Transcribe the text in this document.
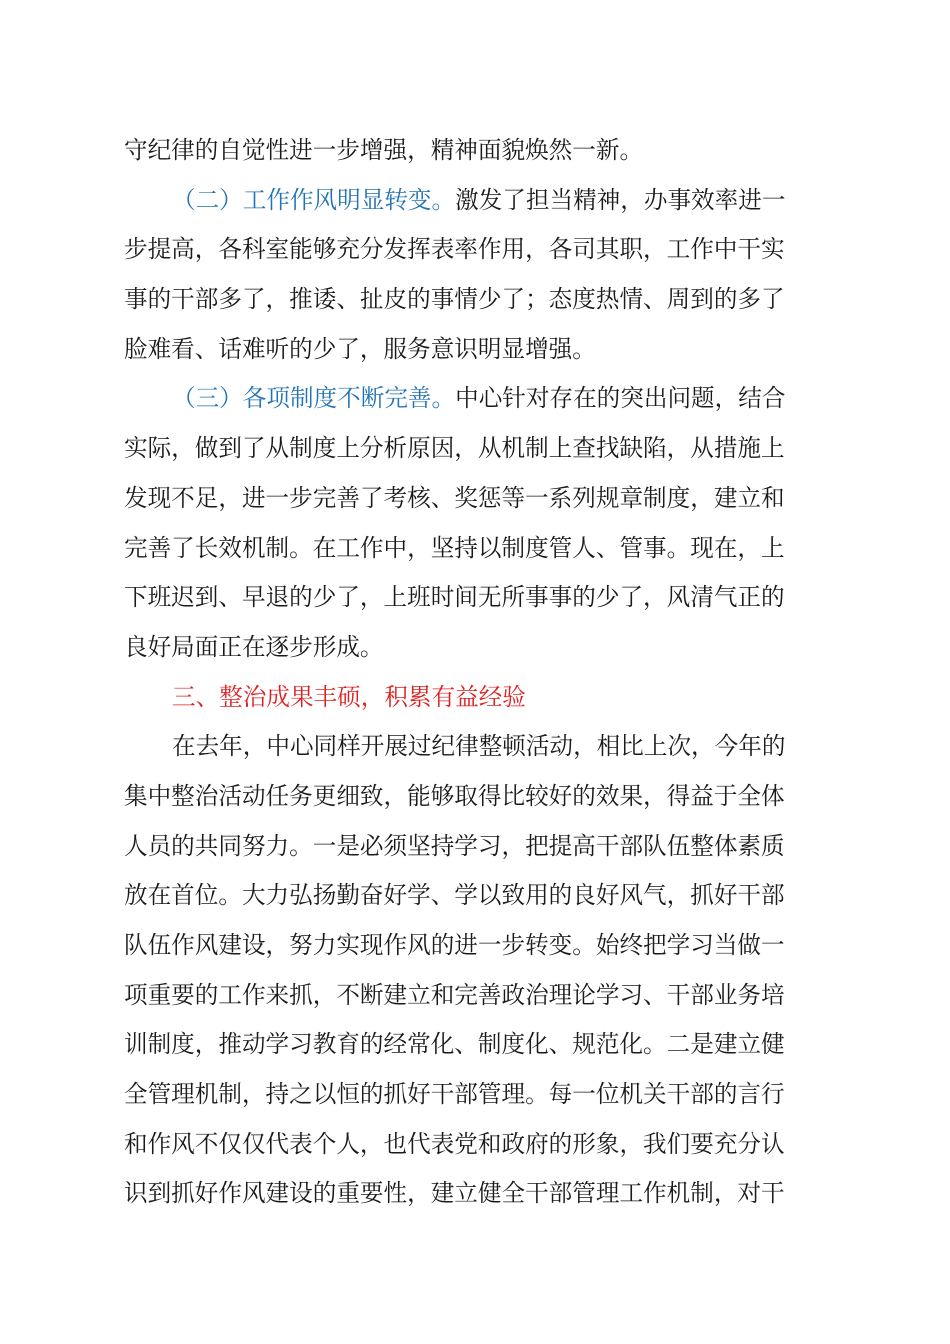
守纪律的自觉性进一步增强，精神面貌焕然一新。
（二）工作作风明显转变。激发了担当精神，办事效率进一
步提高，各科室能够充分发挥表率作用，各司其职，工作中干实
事的干部多了，推诿、扯皮的事情少了；态度热情、周到的多了
脸难看、话难听的少了，服务意识明显增强。
（三）各项制度不断完善。中心针对存在的突出问题，结合
实际，做到了从制度上分析原因，从机制上查找缺陷，从措施上
发现不足，进一步完善了考核、奖惩等一系列规章制度，建立和
完善了长效机制。在工作中，坚持以制度管人、管事。现在，上
下班迟到、早退的少了，上班时间无所事事的少了，风清气正的
良好局面正在逐步形成。
三、整治成果丰硕，积累有益经验
在去年，中心同样开展过纪律整顿活动，相比上次，今年的
集中整治活动任务更细致，能够取得比较好的效果，得益于全体
人员的共同努力。一是必须坚持学习，把提高干部队伍整体素质
放在首位。大力弘扬勤奋好学、学以致用的良好风气，抓好干部
队伍作风建设，努力实现作风的进一步转变。始终把学习当做一
项重要的工作来抓，不断建立和完善政治理论学习、干部业务培
训制度，推动学习教育的经常化、制度化、规范化。二是建立健
全管理机制，持之以恒的抓好干部管理。每一位机关干部的言行
和作风不仅仅代表个人，也代表党和政府的形象，我们要充分认
识到抓好作风建设的重要性，建立健全干部管理工作机制，对干
